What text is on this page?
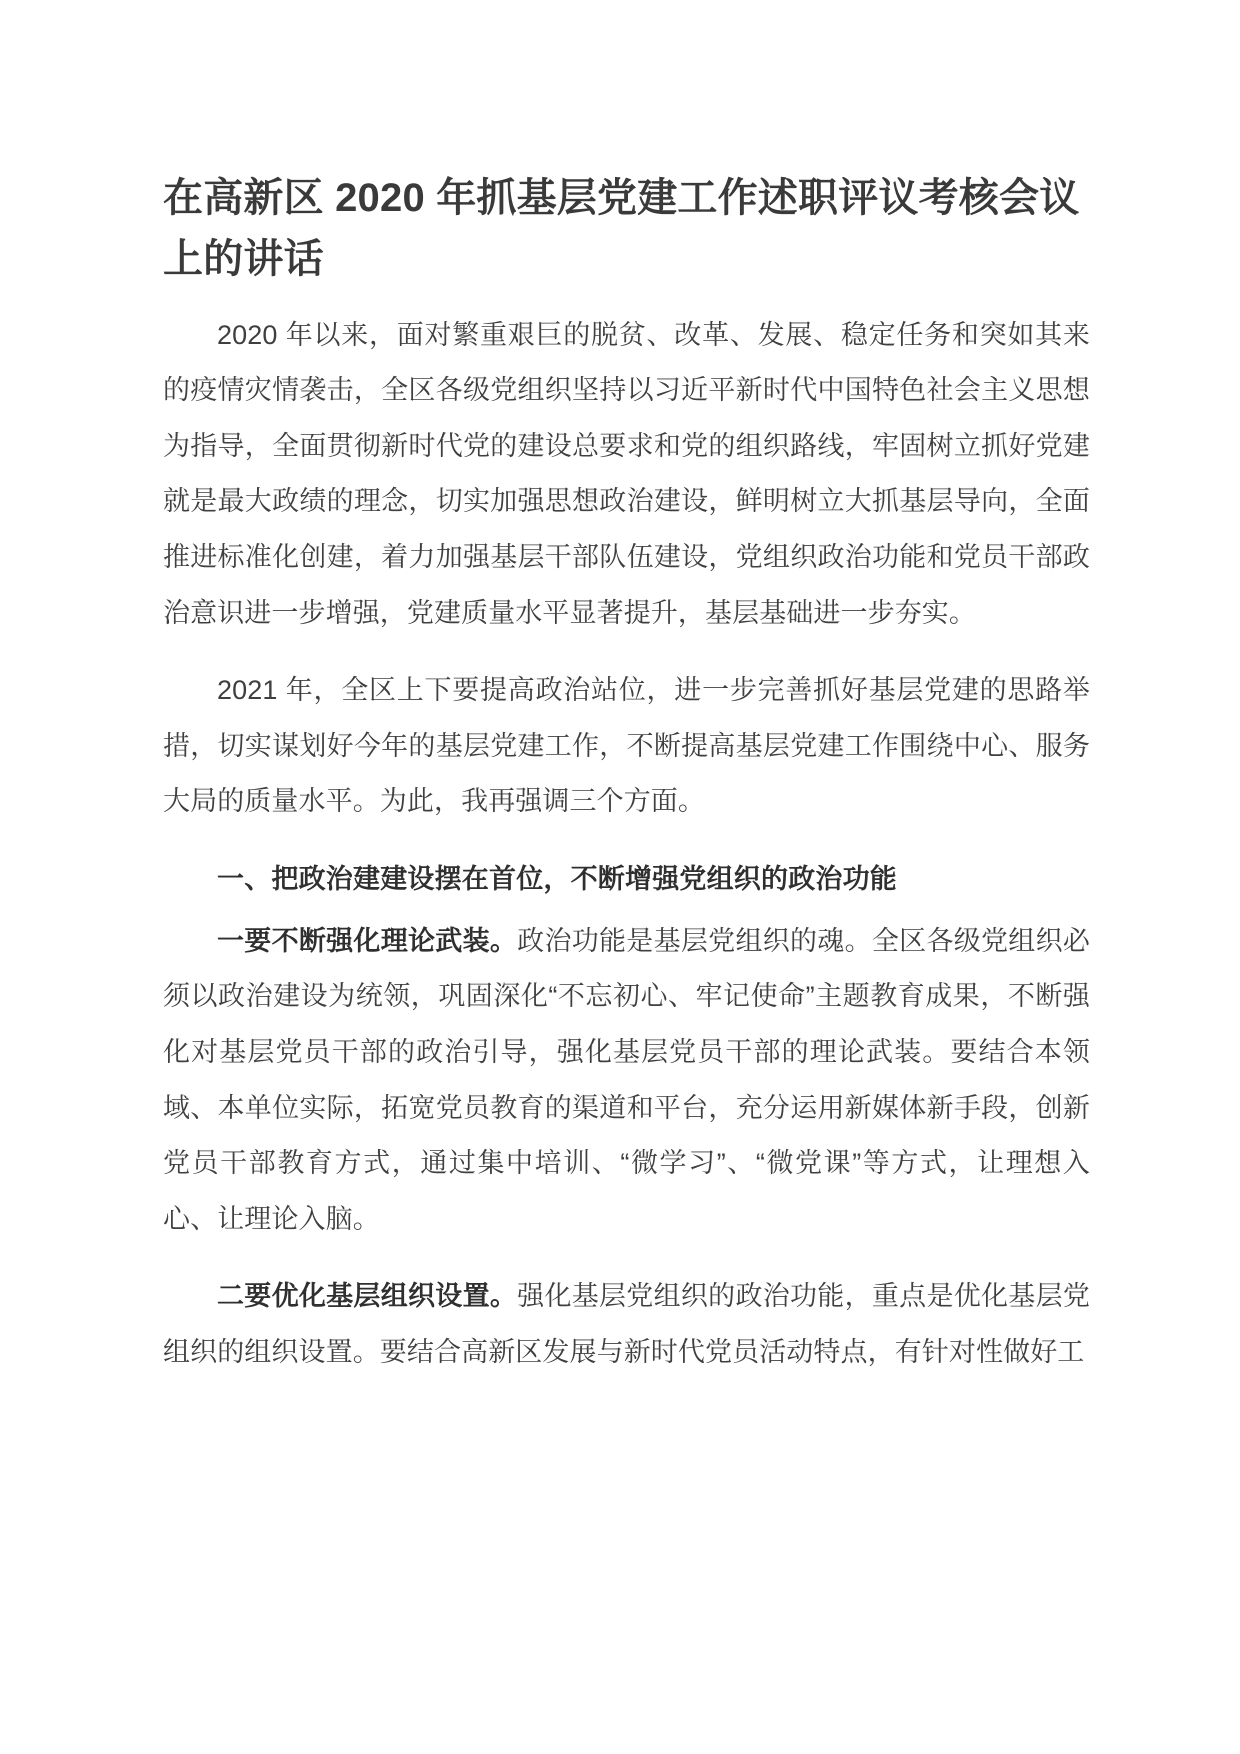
在高新区 2020 年抓基层党建工作述职评议考核会议 上的讲话

2020 年以来，面对繁重艰巨的脱贫、改革、发展、稳定任务和突如其来的疫情灾情袭击，全区各级党组织坚持以习近平新时代中国特色社会主义思想为指导，全面贯彻新时代党的建设总要求和党的组织路线，牢固树立抓好党建就是最大政绩的理念，切实加强思想政治建设，鲜明树立大抓基层导向，全面推进标准化创建，着力加强基层干部队伍建设，党组织政治功能和党员干部政治意识进一步增强，党建质量水平显著提升，基层基础进一步夯实。

2021 年，全区上下要提高政治站位，进一步完善抓好基层党建的思路举措，切实谋划好今年的基层党建工作，不断提高基层党建工作围绕中心、服务大局的质量水平。为此，我再强调三个方面。

一、把政治建建设摆在首位，不断增强党组织的政治功能

一要不断强化理论武装。政治功能是基层党组织的魂。全区各级党组织必须以政治建设为统领，巩固深化“不忘初心、牢记使命”主题教育成果，不断强化对基层党员干部的政治引导，强化基层党员干部的理论武装。要结合本领域、本单位实际，拓宽党员教育的渠道和平台，充分运用新媒体新手段，创新党员干部教育方式，通过集中培训、“微学习”、“微党课”等方式，让理想入心、让理论入脑。

二要优化基层组织设置。强化基层党组织的政治功能，重点是优化基层党组织的组织设置。要结合高新区发展与新时代党员活动特点，有针对性做好工
